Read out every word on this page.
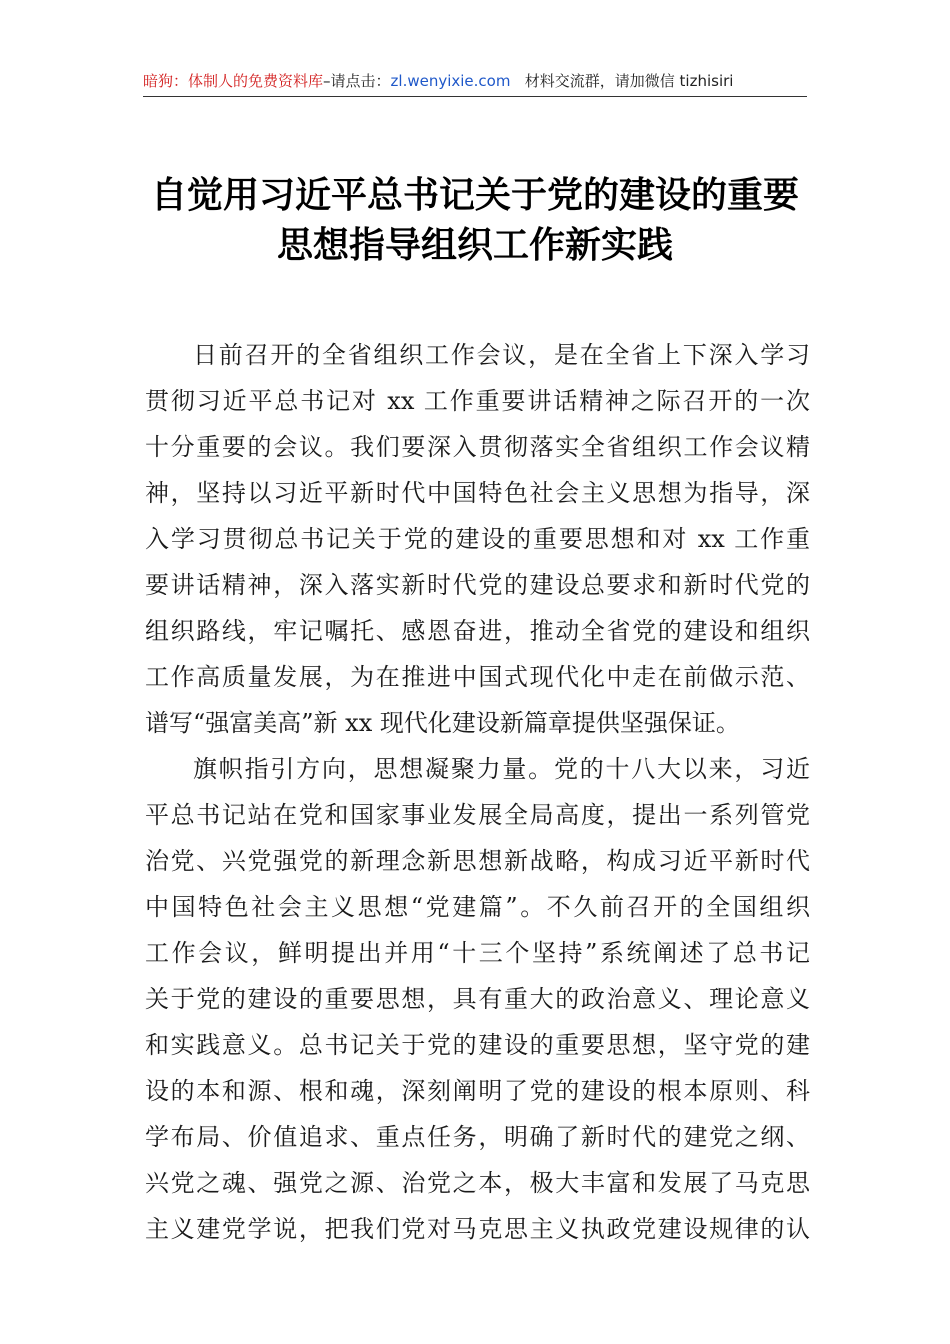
暗狗：体制人的免费资料库–请点击：zl.wenyixie.com 材料交流群，请加微信 tizhisiri
自觉用习近平总书记关于党的建设的重要
思想指导组织工作新实践
日前召开的全省组织工作会议，是在全省上下深入学习
贯彻习近平总书记对 xx 工作重要讲话精神之际召开的一次
十分重要的会议。我们要深入贯彻落实全省组织工作会议精
神，坚持以习近平新时代中国特色社会主义思想为指导，深
入学习贯彻总书记关于党的建设的重要思想和对 xx 工作重
要讲话精神，深入落实新时代党的建设总要求和新时代党的
组织路线，牢记嘱托、感恩奋进，推动全省党的建设和组织
工作高质量发展，为在推进中国式现代化中走在前做示范、
谱写“强富美高”新 xx 现代化建设新篇章提供坚强保证。
旗帜指引方向，思想凝聚力量。党的十八大以来，习近
平总书记站在党和国家事业发展全局高度，提出一系列管党
治党、兴党强党的新理念新思想新战略，构成习近平新时代
中国特色社会主义思想“党建篇”。不久前召开的全国组织
工作会议，鲜明提出并用“十三个坚持”系统阐述了总书记
关于党的建设的重要思想，具有重大的政治意义、理论意义
和实践意义。总书记关于党的建设的重要思想，坚守党的建
设的本和源、根和魂，深刻阐明了党的建设的根本原则、科
学布局、价值追求、重点任务，明确了新时代的建党之纲、
兴党之魂、强党之源、治党之本，极大丰富和发展了马克思
主义建党学说，把我们党对马克思主义执政党建设规律的认
